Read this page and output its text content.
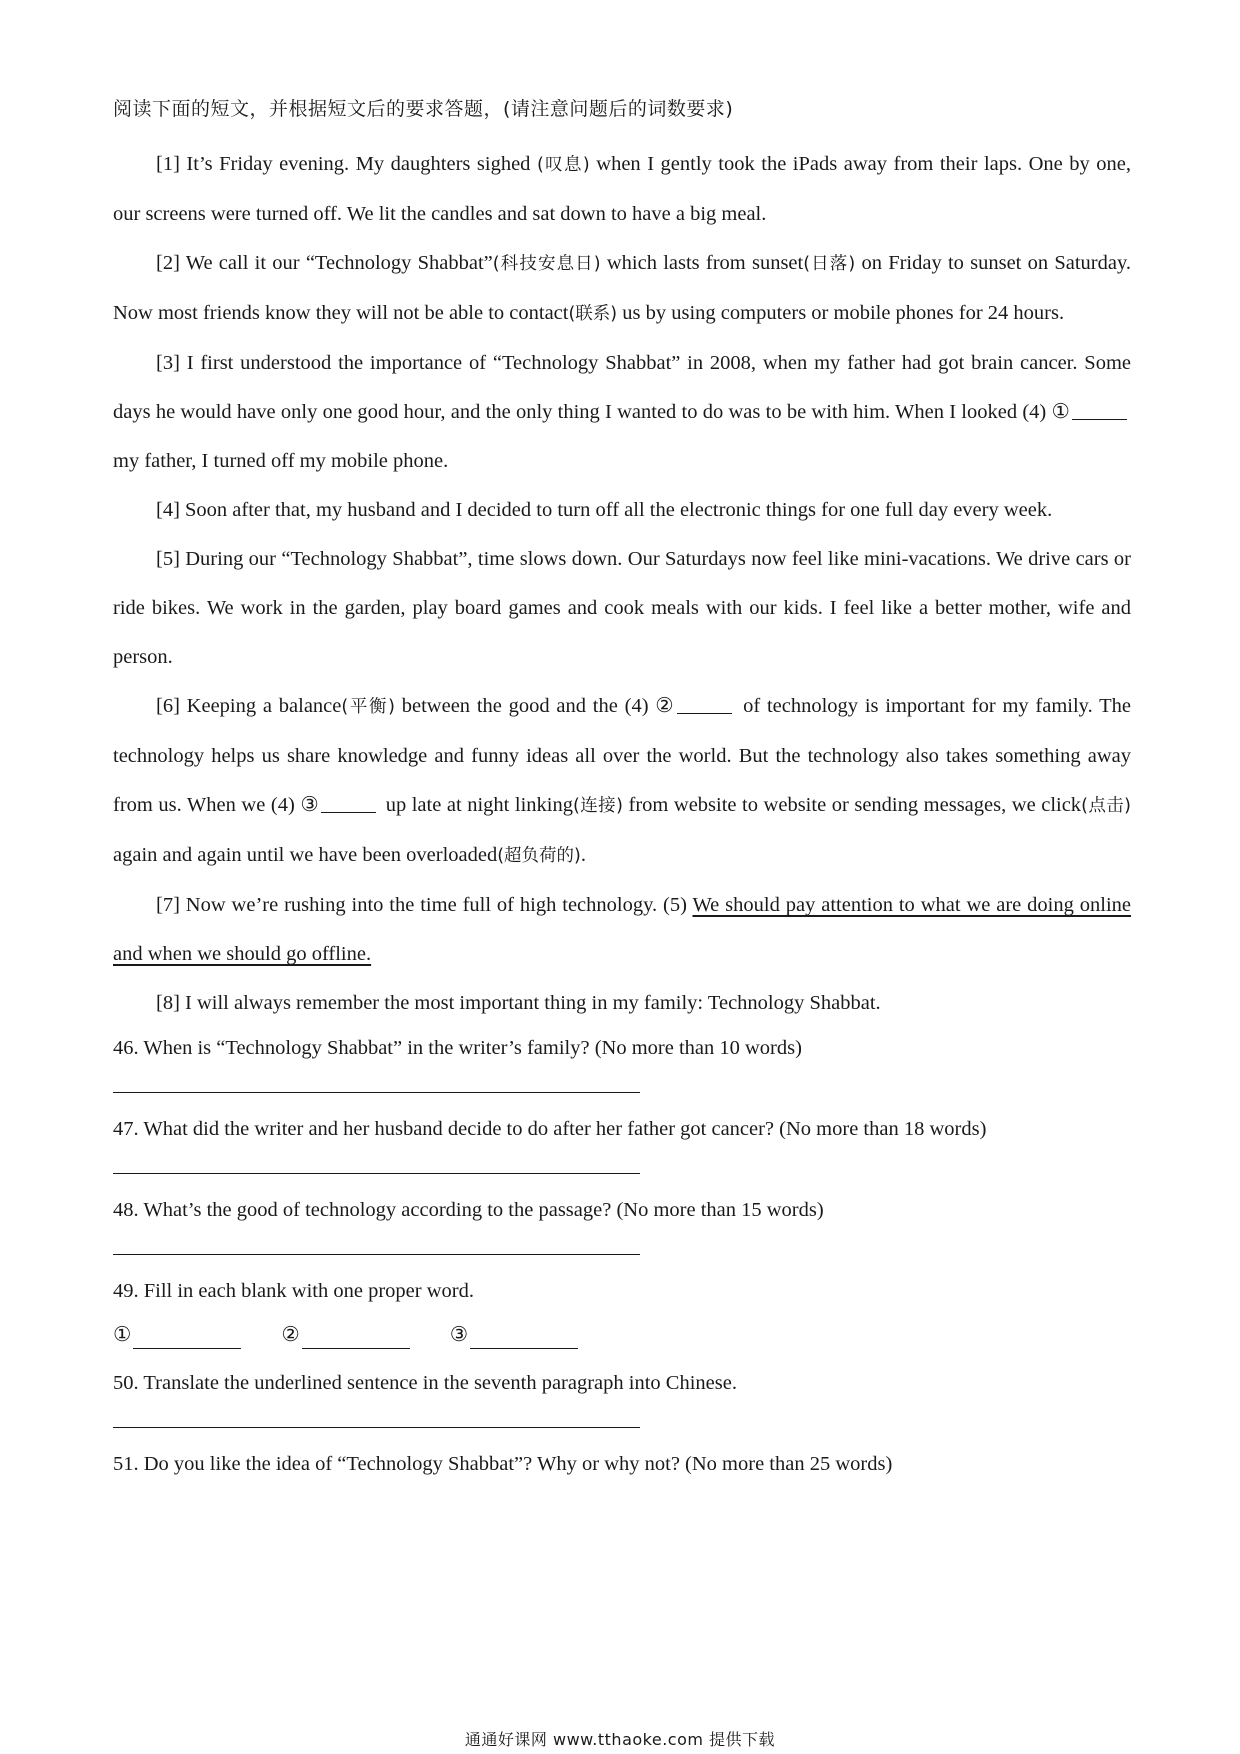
阅读下面的短文，并根据短文后的要求答题，(请注意问题后的词数要求)

[1] It’s Friday evening. My daughters sighed (叹息) when I gently took the iPads away from their laps. One by one, our screens were turned off. We lit the candles and sat down to have a big meal.

[2] We call it our “Technology Shabbat”(科技安息日) which lasts from sunset(日落) on Friday to sunset on Saturday. Now most friends know they will not be able to contact(联系) us by using computers or mobile phones for 24 hours.

[3] I first understood the importance of “Technology Shabbat” in 2008, when my father had got brain cancer. Some days he would have only one good hour, and the only thing I wanted to do was to be with him. When I looked (4) ① my father, I turned off my mobile phone.

[4] Soon after that, my husband and I decided to turn off all the electronic things for one full day every week.

[5] During our “Technology Shabbat”, time slows down. Our Saturdays now feel like mini-vacations. We drive cars or ride bikes. We work in the garden, play board games and cook meals with our kids. I feel like a better mother, wife and person.

[6] Keeping a balance(平衡) between the good and the (4) ②	of technology is important for my family. The technology helps us share knowledge and funny ideas all over the world. But the technology also takes something away from us. When we (4) ③	up late at night linking(连接) from website to website or sending messages, we click(点击) again and again until we have been overloaded(超负荷的).

[7] Now we’re rushing into the time full of high technology. (5) We should pay attention to what we are doing online and when we should go offline.

[8] I will always remember the most important thing in my family: Technology Shabbat.

46. When is “Technology Shabbat” in the writer’s family? (No more than 10 words)

47. What did the writer and her husband decide to do after her father got cancer? (No more than 18 words)

48. What’s the good of technology according to the passage? (No more than 15 words)

49. Fill in each blank with one proper word.

①	②	③

50. Translate the underlined sentence in the seventh paragraph into Chinese.

51. Do you like the idea of “Technology Shabbat”? Why or why not? (No more than 25 words)

通通好课网 www.tthaoke.com 提供下载
